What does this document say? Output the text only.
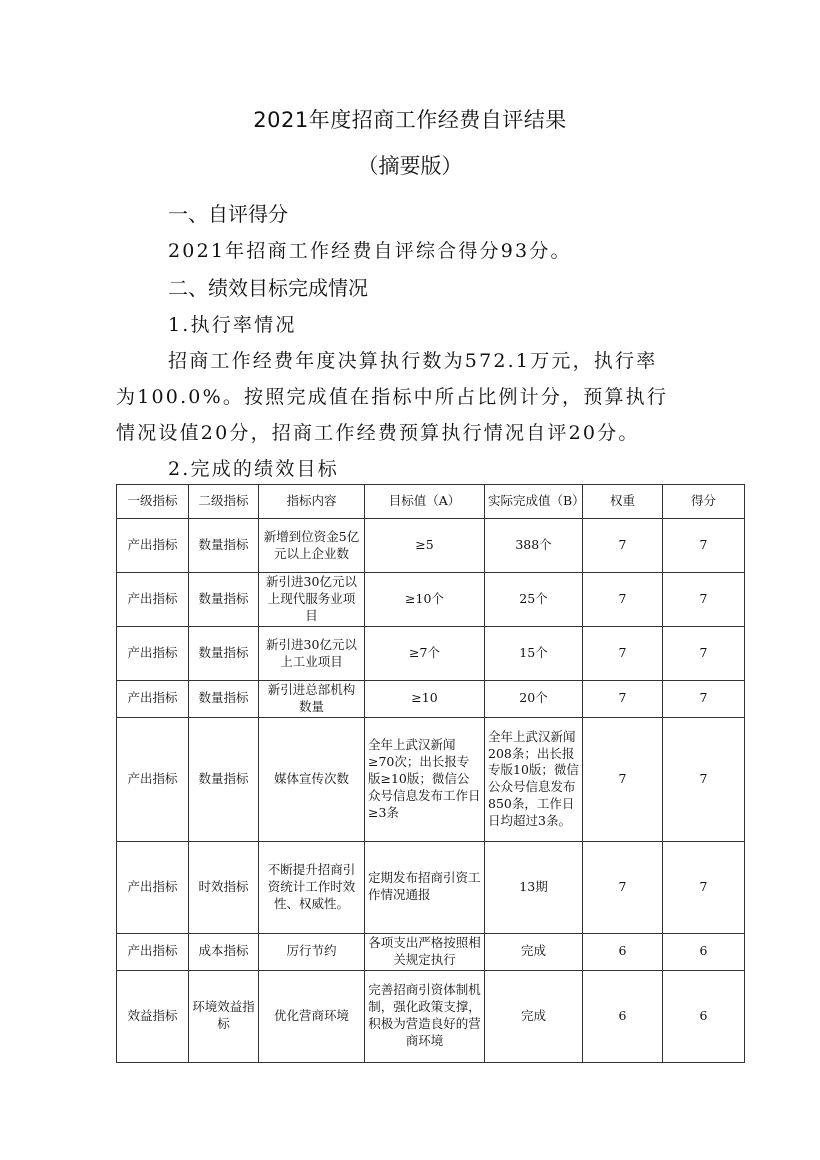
2021年度招商工作经费自评结果
（摘要版）
一、自评得分
2021年招商工作经费自评综合得分93分。
二、绩效目标完成情况
1.执行率情况
招商工作经费年度决算执行数为572.1万元，执行率
为100.0%。按照完成值在指标中所占比例计分，预算执行
情况设值20分，招商工作经费预算执行情况自评20分。
2.完成的绩效目标
一级指标	二级指标	指标内容	目标值（A）	实际完成值（B）	权重	得分
产出指标	数量指标	新增到位资金5亿元以上企业数	≥5	388个	7	7
产出指标	数量指标	新引进30亿元以上现代服务业项目	≥10个	25个	7	7
产出指标	数量指标	新引进30亿元以上工业项目	≥7个	15个	7	7
产出指标	数量指标	新引进总部机构数量	≥10	20个	7	7
产出指标	数量指标	媒体宣传次数	全年上武汉新闻≥70次；出长报专版≥10版；微信公众号信息发布工作日≥3条	全年上武汉新闻208条；出长报专版10版；微信公众号信息发布850条，工作日日均超过3条。	7	7
产出指标	时效指标	不断提升招商引资统计工作时效性、权威性。	定期发布招商引资工作情况通报	13期	7	7
产出指标	成本指标	厉行节约	各项支出严格按照相关规定执行	完成	6	6
效益指标	环境效益指标	优化营商环境	完善招商引资体制机制，强化政策支撑，积极为营造良好的营商环境	完成	6	6
